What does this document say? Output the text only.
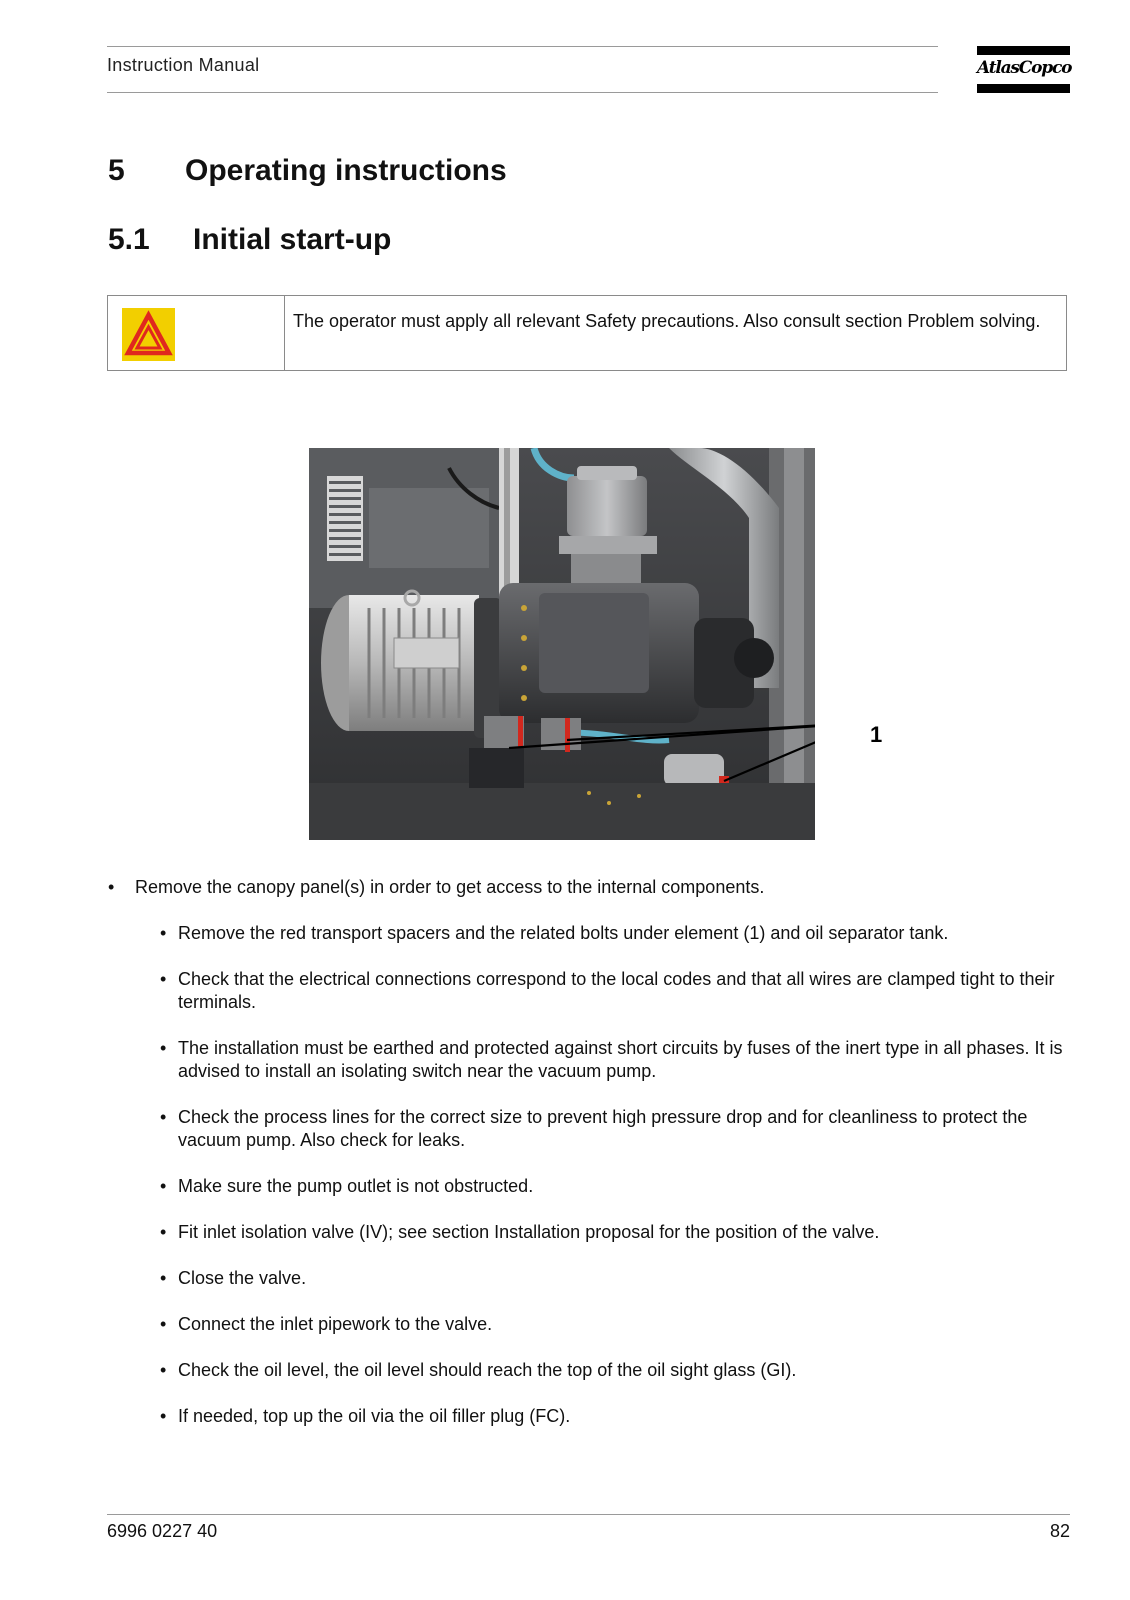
Instruction Manual	AtlasCopco
5 Operating instructions
5.1 Initial start-up
The operator must apply all relevant Safety precautions. Also consult section Problem solving.
1
• Remove the canopy panel(s) in order to get access to the internal components.
• Remove the red transport spacers and the related bolts under element (1) and oil separator tank.
• Check that the electrical connections correspond to the local codes and that all wires are clamped tight to their terminals.
• The installation must be earthed and protected against short circuits by fuses of the inert type in all phases. It is advised to install an isolating switch near the vacuum pump.
• Check the process lines for the correct size to prevent high pressure drop and for cleanliness to protect the vacuum pump. Also check for leaks.
• Make sure the pump outlet is not obstructed.
• Fit inlet isolation valve (IV); see section Installation proposal for the position of the valve.
• Close the valve.
• Connect the inlet pipework to the valve.
• Check the oil level, the oil level should reach the top of the oil sight glass (GI).
• If needed, top up the oil via the oil filler plug (FC).
6996 0227 40	82
